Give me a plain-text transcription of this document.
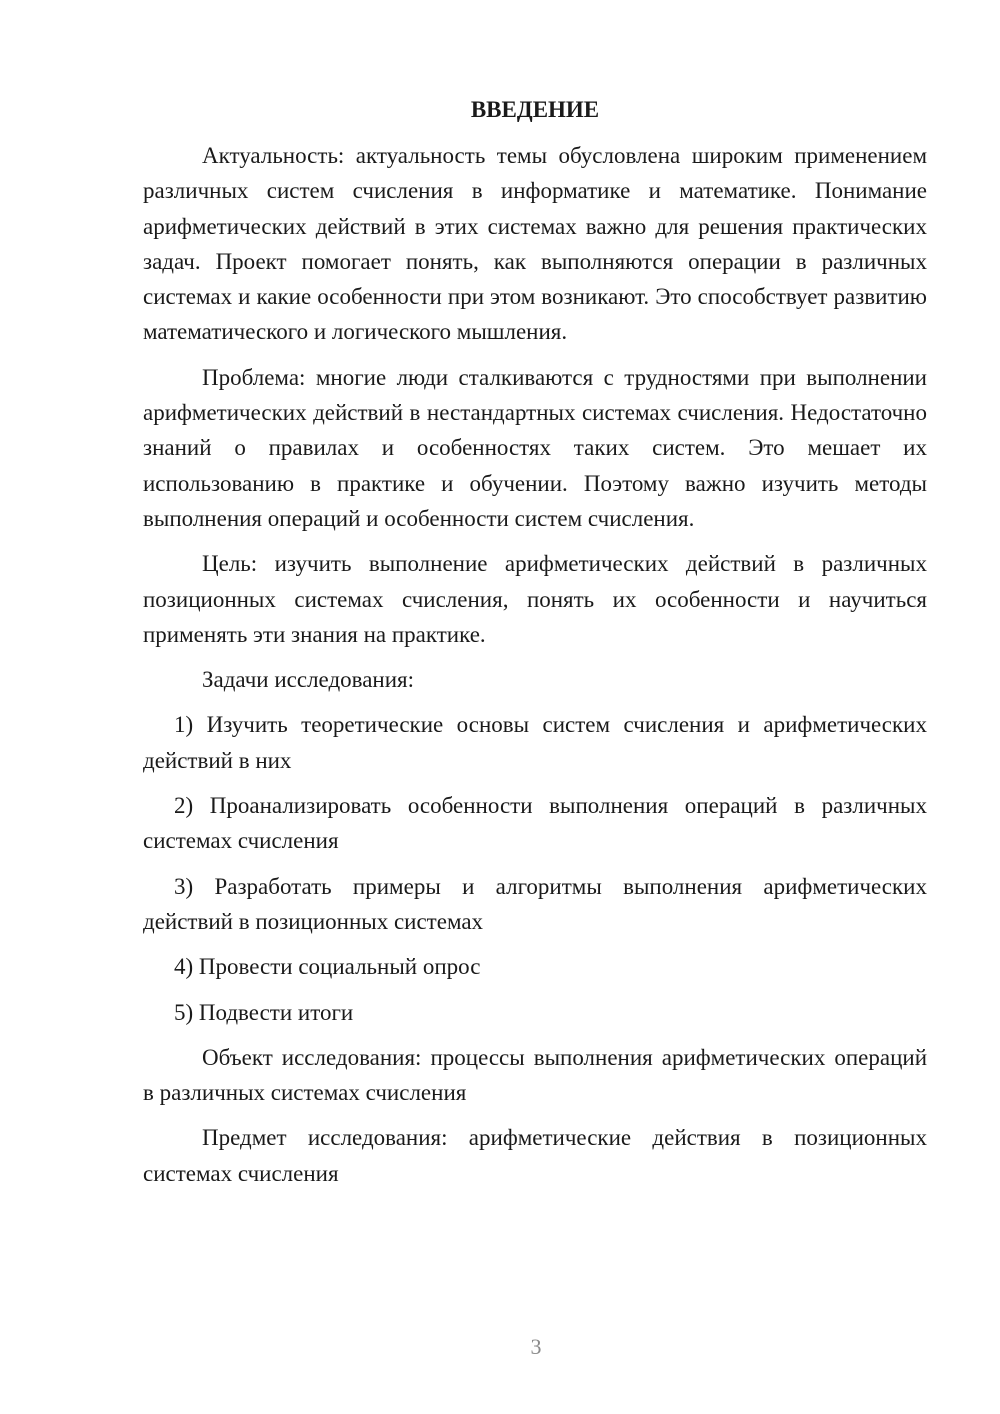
ВВЕДЕНИЕ

Актуальность: актуальность темы обусловлена широким применением различных систем счисления в информатике и математике. Понимание арифметических действий в этих системах важно для решения практических задач. Проект помогает понять, как выполняются операции в различных системах и какие особенности при этом возникают. Это способствует развитию математического и логического мышления.

Проблема: многие люди сталкиваются с трудностями при выполнении арифметических действий в нестандартных системах счисления. Недостаточно знаний о правилах и особенностях таких систем. Это мешает их использованию в практике и обучении. Поэтому важно изучить методы выполнения операций и особенности систем счисления.

Цель: изучить выполнение арифметических действий в различных позиционных системах счисления, понять их особенности и научиться применять эти знания на практике.

Задачи исследования:

1) Изучить теоретические основы систем счисления и арифметических действий в них

2) Проанализировать особенности выполнения операций в различных системах счисления

3) Разработать примеры и алгоритмы выполнения арифметических действий в позиционных системах

4) Провести социальный опрос

5) Подвести итоги

Объект исследования: процессы выполнения арифметических операций в различных системах счисления

Предмет исследования: арифметические действия в позиционных системах счисления

3
